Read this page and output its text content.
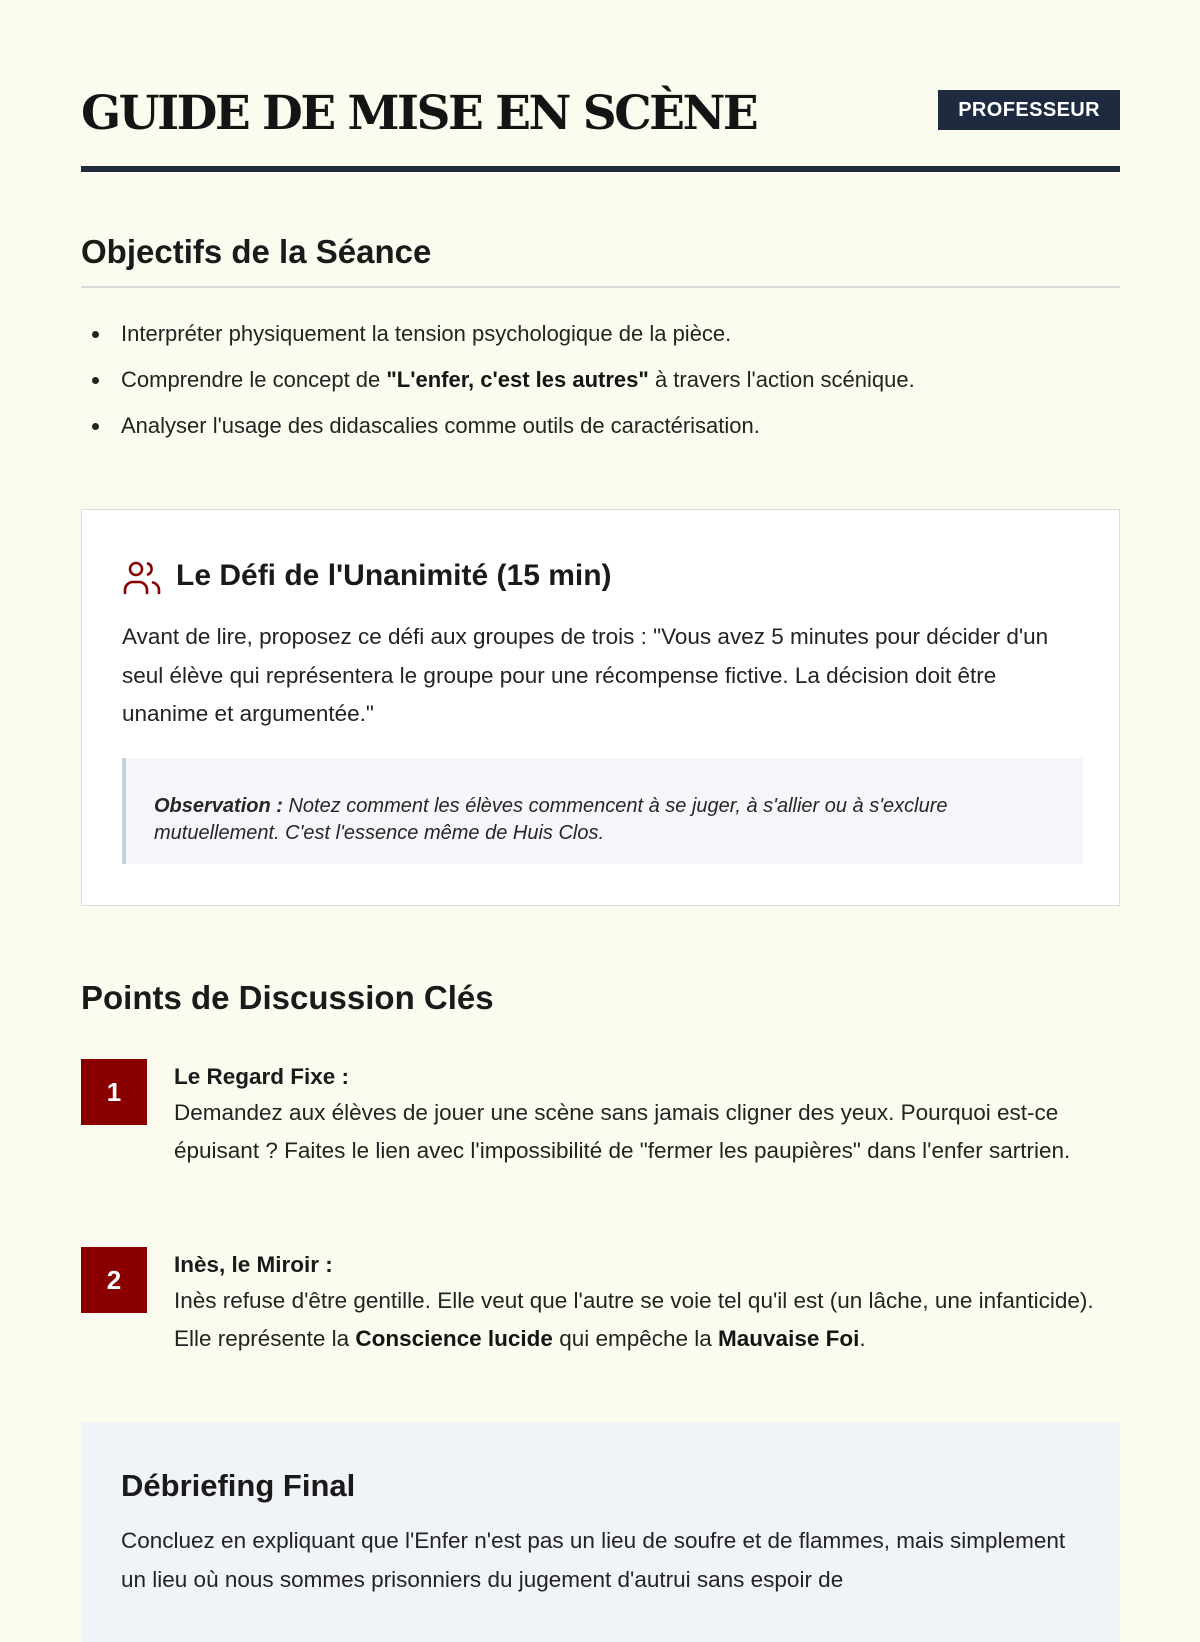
GUIDE DE MISE EN SCÈNE	PROFESSEUR
Objectifs de la Séance
Interpréter physiquement la tension psychologique de la pièce.
Comprendre le concept de "L'enfer, c'est les autres" à travers l'action scénique.
Analyser l'usage des didascalies comme outils de caractérisation.
Le Défi de l'Unanimité (15 min)

Avant de lire, proposez ce défi aux groupes de trois : "Vous avez 5 minutes pour décider d'un seul élève qui représentera le groupe pour une récompense fictive. La décision doit être unanime et argumentée."

Observation : Notez comment les élèves commencent à se juger, à s'allier ou à s'exclure mutuellement. C'est l'essence même de Huis Clos.

Points de Discussion Clés
1

Le Regard Fixe :

Demandez aux élèves de jouer une scène sans jamais cligner des yeux. Pourquoi est-ce épuisant ? Faites le lien avec l'impossibilité de "fermer les paupières" dans l'enfer sartrien.

2

Inès, le Miroir :

Inès refuse d'être gentille. Elle veut que l'autre se voie tel qu'il est (un lâche, une infanticide). Elle représente la Conscience lucide qui empêche la Mauvaise Foi.

Débriefing Final

Concluez en expliquant que l'Enfer n'est pas un lieu de soufre et de flammes, mais simplement un lieu où nous sommes prisonniers du jugement d'autrui sans espoir de
